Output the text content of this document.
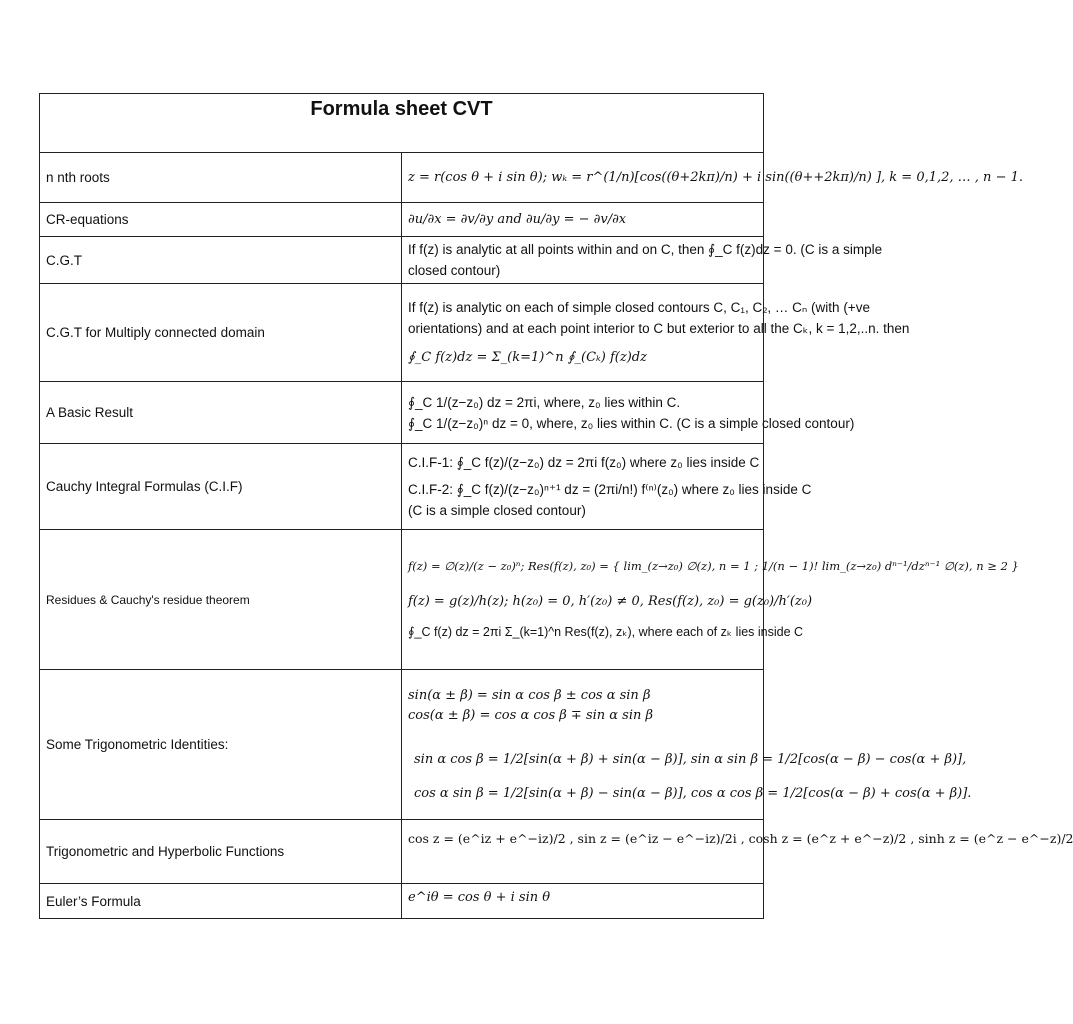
Formula sheet CVT	
n nth roots	z = r(cos θ + i sin θ); wₖ = r^(1/n)[cos((θ+2kπ)/n) + i sin((θ++2kπ)/n) ], k = 0,1,2, … , n − 1.

CR-equations	∂u/∂x = ∂v/∂y and ∂u/∂y = − ∂v/∂x

C.G.T	If f(z) is analytic at all points within and on C, then ∮_C f(z)dz = 0. (C is a simple
closed contour)

C.G.T for Multiply connected domain	If f(z) is analytic on each of simple closed contours C, C₁, C₂, … Cₙ (with (+ve
orientations) and at each point interior to C but exterior to all the Cₖ, k = 1,2,..n. then
∮_C f(z)dz = Σ_(k=1)^n ∮_(Cₖ) f(z)dz

A Basic Result	∮_C 1/(z−z₀) dz = 2πi, where, z₀ lies within C.
∮_C 1/(z−z₀)ⁿ dz = 0, where, z₀ lies within C. (C is a simple closed contour)

Cauchy Integral Formulas (C.I.F)	C.I.F-1: ∮_C f(z)/(z−z₀) dz = 2πi f(z₀) where z₀ lies inside C
C.I.F-2: ∮_C f(z)/(z−z₀)ⁿ⁺¹ dz = (2πi/n!) f⁽ⁿ⁾(z₀) where z₀ lies inside C
(C is a simple closed contour)

Residues & Cauchy's residue theorem	f(z) = ∅(z)/(z − z₀)ⁿ; Res(f(z), z₀) = { lim_(z→z₀) ∅(z), n = 1 ; 1/(n − 1)! lim_(z→z₀) dⁿ⁻¹/dzⁿ⁻¹ ∅(z), n ≥ 2 }
f(z) = g(z)/h(z); h(z₀) = 0, h′(z₀) ≠ 0, Res(f(z), z₀) = g(z₀)/h′(z₀)
∮_C f(z) dz = 2πi Σ_(k=1)^n Res(f(z), zₖ), where each of zₖ lies inside C

Some Trigonometric Identities:	sin(α ± β) = sin α cos β ± cos α sin β
cos(α ± β) = cos α cos β ∓ sin α sin β
sin α cos β = 1/2[sin(α + β) + sin(α − β)], sin α sin β = 1/2[cos(α − β) − cos(α + β)],
cos α sin β = 1/2[sin(α + β) − sin(α − β)], cos α cos β = 1/2[cos(α − β) + cos(α + β)].

Trigonometric and Hyperbolic Functions	cos z = (e^iz + e^−iz)/2 , sin z = (e^iz − e^−iz)/2i , cosh z = (e^z + e^−z)/2 , sinh z = (e^z − e^−z)/2

Euler’s Formula	e^iθ = cos θ + i sin θ
